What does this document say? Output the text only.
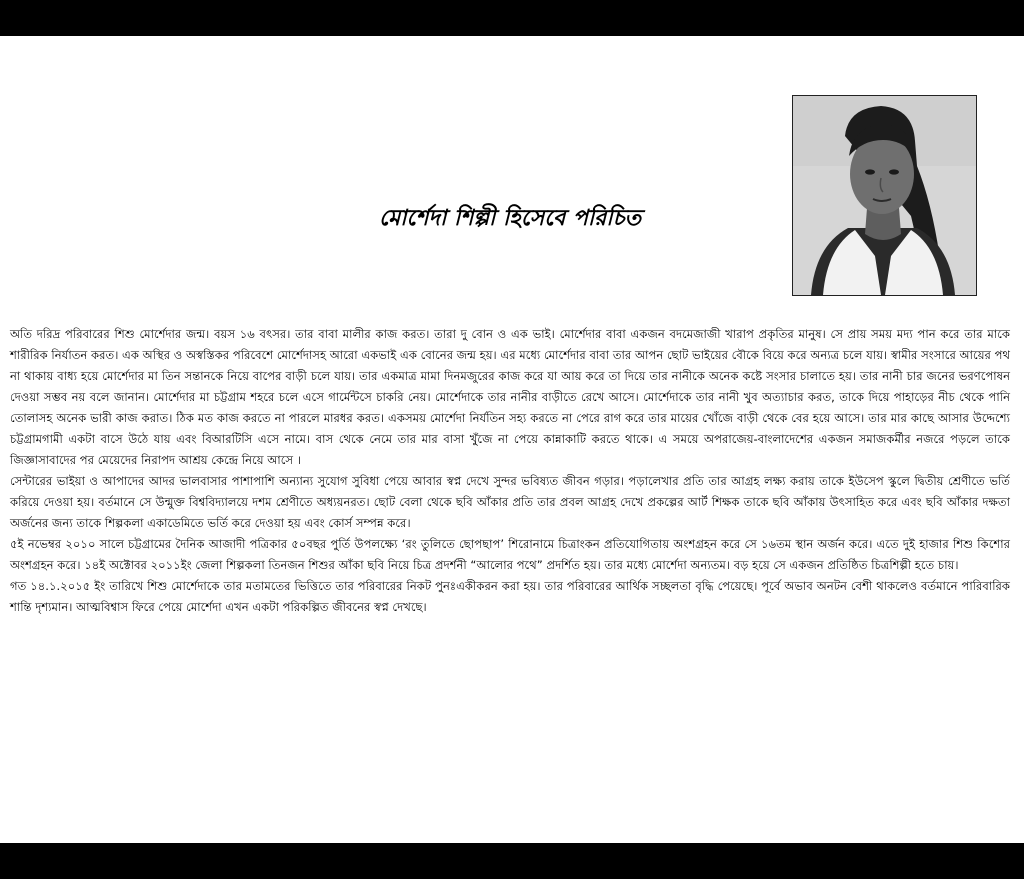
মোর্শেদা শিল্পী হিসেবে পরিচিত

অতি দরিদ্র পরিবারের শিশু মোর্শেদার জন্ম। বয়স ১৬ বৎসর। তার বাবা মালীর কাজ করত। তারা দু বোন ও এক ভাই। মোর্শেদার বাবা একজন বদমেজাজী খারাপ প্রকৃতির মানুষ। সে প্রায় সময় মদ্য পান করে তার মাকে শারীরিক নির্যাতন করত। এক অস্থির ও অস্বস্তিকর পরিবেশে মোর্শেদাসহ আরো একভাই এক বোনের জন্ম হয়। এর মধ্যে মোৰ্শেদার বাবা তার আপন ছোট ভাইয়ের বৌকে বিয়ে করে অন্যত্র চলে যায়। স্বামীর সংসারে আয়ের পথ না থাকায় বাধ্য হয়ে মোর্শেদার মা তিন সন্তানকে নিয়ে বাপের বাড়ী চলে যায়। তার একমাত্র মামা দিনমজুরের কাজ করে যা আয় করে তা দিয়ে তার নানীকে অনেক কষ্টে সংসার চালাতে হয়। তার নানী চার জনের ভরণপোষন দেওয়া সম্ভব নয় বলে জানান। মোর্শেদার মা চট্টগ্রাম শহরে চলে এসে গার্মেন্টসে চাকরি নেয়। মোর্শেদাকে তার নানীর বাড়ীতে রেখে আসে। মোর্শেদাকে তার নানী খুব অত্যাচার করত, তাকে দিয়ে পাহাড়ের নীচ থেকে পানি তোলাসহ অনেক ভারী কাজ করাত। ঠিক মত কাজ করতে না পারলে মারধর করত। একসময় মোর্শেদা নির্যতিন সহ্য করতে না পেরে রাগ করে তার মায়ের খোঁজে বাড়ী থেকে বের হয়ে আসে। তার মার কাছে আসার উদ্দেশ্যে চট্টগ্রামগামী একটা বাসে উঠে যায় এবং বিআরটিসি এসে নামে। বাস থেকে নেমে তার মার বাসা খুঁজে না পেয়ে কান্নাকাটি করতে থাকে। এ সময়ে অপরাজেয়-বাংলাদেশের একজন সমাজকর্মীর নজরে পড়লে তাকে জিজ্ঞাসাবাদের পর মেয়েদের নিরাপদ আশ্রয় কেন্দ্রে নিয়ে আসে ।

সেন্টারের ভাইয়া ও আপাদের আদর ভালবাসার পাশাপাশি অন্যান্য সুযোগ সুবিধা পেয়ে আবার স্বপ্ন দেখে সুন্দর ভবিষ্যত জীবন গড়ার। পড়ালেখার প্রতি তার আগ্রহ লক্ষ্য করায় তাকে ইউসেপ স্কুলে দ্বিতীয় শ্রেণীতে ভর্তি করিয়ে দেওয়া হয়। বর্তমানে সে উন্মুক্ত বিশ্ববিদ্যালয়ে দশম শ্রেণীতে অধ্যয়নরত। ছোট বেলা থেকে ছবি আঁকার প্রতি তার প্রবল আগ্রহ দেখে প্রকল্পের আর্ট শিক্ষক তাকে ছবি আঁকায় উৎসাহিত করে এবং ছবি আঁকার দক্ষতা অর্জনের জন্য তাকে শিল্পকলা একাডেমিতে ভর্তি করে দেওয়া হয় এবং কোর্স সম্পন্ন করে।

৫ই নভেম্বর ২০১০ সালে চট্টগ্রামের দৈনিক আজাদী পত্রিকার ৫০বছর পুর্তি উপলক্ষ্যে ‘রং তুলিতে ছোপছাপ’ শিরোনামে চিত্রাংকন প্রতিযোগিতায় অংশগ্রহন করে সে ১৬তম স্থান অর্জন করে। এতে দুই হাজার শিশু কিশোর অংশগ্রহন করে। ১৪ই অক্টোবর ২০১১ইং জেলা শিল্পকলা তিনজন শিশুর আঁকা ছবি নিয়ে চিত্র প্রদর্শনী “আলোর পথে” প্রদর্শিত হয়। তার মধ্যে মোর্শেদা অন্যতম। বড় হয়ে সে একজন প্রতিষ্ঠিত চিত্রশিল্পী হতে চায়।

গত ১৪.১.২০১৫ ইং তারিখে শিশু মোর্শেদাকে তার মতামতের ভিত্তিতে তার পরিবারের নিকট পুনঃএকীকরন করা হয়। তার পরিবারের আর্থিক সচ্ছলতা বৃদ্ধি পেয়েছে। পূর্বে অভাব অনটন বেশী থাকলেও বর্তমানে পারিবারিক শান্তি দৃশ্যমান। আত্মবিশ্বাস ফিরে পেয়ে মোর্শেদা এখন একটা পরিকল্পিত জীবনের স্বপ্ন দেখছে।
